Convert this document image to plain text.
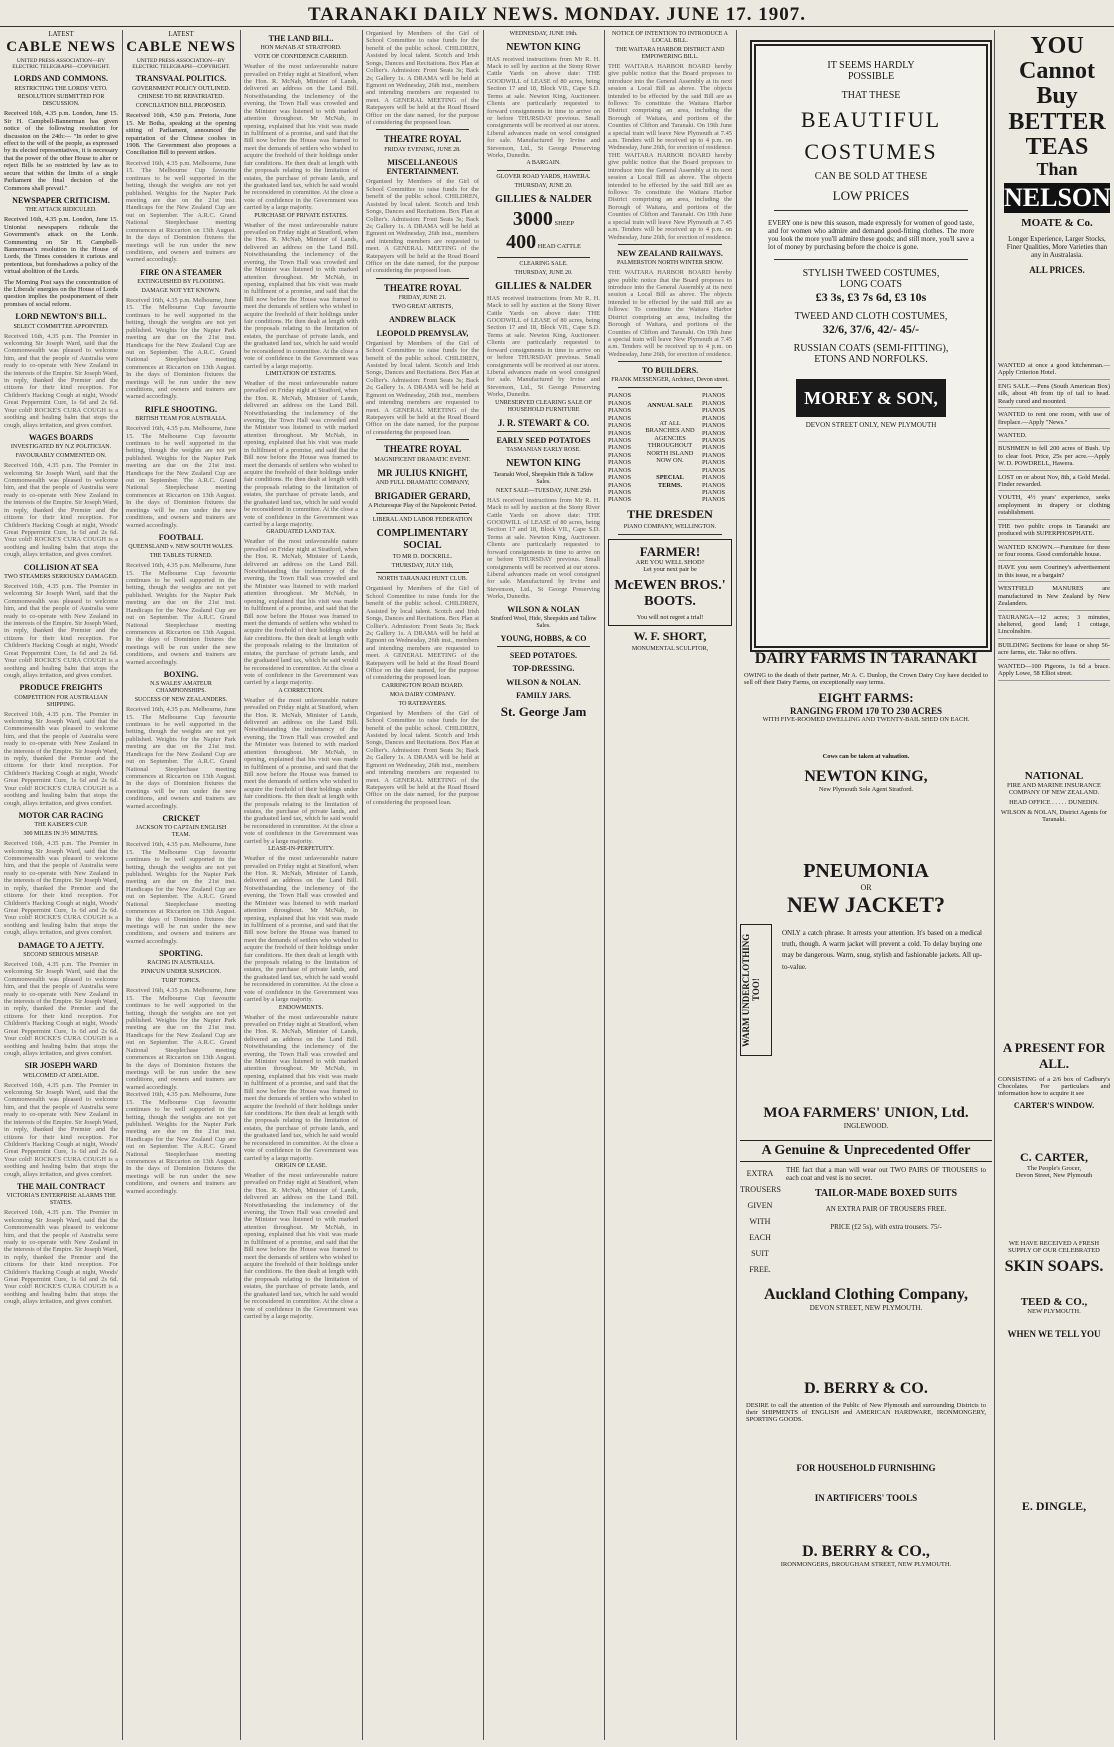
TARANAKI DAILY NEWS. MONDAY. JUNE 17. 1907.
LATEST
CABLE NEWS
UNITED PRESS ASSOCIATION—BY ELECTRIC TELEGRAPH—COPYRIGHT.
LORDS AND COMMONS.
RESTRICTING THE LORDS' VETO.
RESOLUTION SUBMITTED FOR DISCUSSION.
Received 16th, 4.35 p.m. London, June 15. Sir H. Campbell-Bannerman has given notice of the following resolution for discussion on the 24th:— "In order to give effect to the will of the people, as expressed by its elected representatives, it is necessary that the power of the other House to alter or reject Bills be so restricted by law as to secure that within the limits of a single Parliament the final decision of the Commons shall prevail."
NEWSPAPER CRITICISM.
THE ATTACK RIDICULED.
Received 16th, 4.35 p.m. London, June 15. Unionist newspapers ridicule the Government's attack on the Lords. Commenting on Sir H. Campbell-Bannerman's resolution in the House of Lords, the Times considers it curious and pretentious, but foreshadows a policy of the virtual abolition of the Lords.
The Morning Post says the concentration of the Liberals' energies on the House of Lords question implies the postponement of their promises of social reform.
LORD NEWTON'S BILL.
SELECT COMMITTEE APPOINTED.
Received 16th, 4.35 p.m. The Premier in welcoming Sir Joseph Ward, said that the Commonwealth was pleased to welcome him, and that the people of Australia were ready to co-operate with New Zealand in the interests of the Empire. Sir Joseph Ward, in reply, thanked the Premier and the citizens for their kind reception. For Children's Hacking Cough at night, Woods' Great Peppermint Cure, 1s 6d and 2s 6d. Your cold! ROCKE'S CURA COUGH is a soothing and healing balm that stops the cough, allays irritation, and gives comfort.
WAGES BOARDS
INVESTIGATED BY N.Z POLITICIAN.
FAVOURABLY COMMENTED ON.
Received 16th, 4.35 p.m. The Premier in welcoming Sir Joseph Ward, said that the Commonwealth was pleased to welcome him, and that the people of Australia were ready to co-operate with New Zealand in the interests of the Empire. Sir Joseph Ward, in reply, thanked the Premier and the citizens for their kind reception. For Children's Hacking Cough at night, Woods' Great Peppermint Cure, 1s 6d and 2s 6d. Your cold! ROCKE'S CURA COUGH is a soothing and healing balm that stops the cough, allays irritation, and gives comfort.
COLLISION AT SEA
TWO STEAMERS SERIOUSLY DAMAGED.
Received 16th, 4.35 p.m. The Premier in welcoming Sir Joseph Ward, said that the Commonwealth was pleased to welcome him, and that the people of Australia were ready to co-operate with New Zealand in the interests of the Empire. Sir Joseph Ward, in reply, thanked the Premier and the citizens for their kind reception. For Children's Hacking Cough at night, Woods' Great Peppermint Cure, 1s 6d and 2s 6d. Your cold! ROCKE'S CURA COUGH is a soothing and healing balm that stops the cough, allays irritation, and gives comfort.
PRODUCE FREIGHTS
COMPETITION FOR AUSTRALIAN SHIPPING.
Received 16th, 4.35 p.m. The Premier in welcoming Sir Joseph Ward, said that the Commonwealth was pleased to welcome him, and that the people of Australia were ready to co-operate with New Zealand in the interests of the Empire. Sir Joseph Ward, in reply, thanked the Premier and the citizens for their kind reception. For Children's Hacking Cough at night, Woods' Great Peppermint Cure, 1s 6d and 2s 6d. Your cold! ROCKE'S CURA COUGH is a soothing and healing balm that stops the cough, allays irritation, and gives comfort.
MOTOR CAR RACING
THE KAISER'S CUP.
300 MILES IN 3½ MINUTES.
Received 16th, 4.35 p.m. The Premier in welcoming Sir Joseph Ward, said that the Commonwealth was pleased to welcome him, and that the people of Australia were ready to co-operate with New Zealand in the interests of the Empire. Sir Joseph Ward, in reply, thanked the Premier and the citizens for their kind reception. For Children's Hacking Cough at night, Woods' Great Peppermint Cure, 1s 6d and 2s 6d. Your cold! ROCKE'S CURA COUGH is a soothing and healing balm that stops the cough, allays irritation, and gives comfort.
DAMAGE TO A JETTY.
SECOND SERIOUS MISHAP.
Received 16th, 4.35 p.m. The Premier in welcoming Sir Joseph Ward, said that the Commonwealth was pleased to welcome him, and that the people of Australia were ready to co-operate with New Zealand in the interests of the Empire. Sir Joseph Ward, in reply, thanked the Premier and the citizens for their kind reception. For Children's Hacking Cough at night, Woods' Great Peppermint Cure, 1s 6d and 2s 6d. Your cold! ROCKE'S CURA COUGH is a soothing and healing balm that stops the cough, allays irritation, and gives comfort.
SIR JOSEPH WARD
WELCOMED AT ADELAIDE.
Received 16th, 4.35 p.m. The Premier in welcoming Sir Joseph Ward, said that the Commonwealth was pleased to welcome him, and that the people of Australia were ready to co-operate with New Zealand in the interests of the Empire. Sir Joseph Ward, in reply, thanked the Premier and the citizens for their kind reception. For Children's Hacking Cough at night, Woods' Great Peppermint Cure, 1s 6d and 2s 6d. Your cold! ROCKE'S CURA COUGH is a soothing and healing balm that stops the cough, allays irritation, and gives comfort.
THE MAIL CONTRACT
VICTORIA'S ENTERPRISE ALARMS THE STATES.
Received 16th, 4.35 p.m. The Premier in welcoming Sir Joseph Ward, said that the Commonwealth was pleased to welcome him, and that the people of Australia were ready to co-operate with New Zealand in the interests of the Empire. Sir Joseph Ward, in reply, thanked the Premier and the citizens for their kind reception. For Children's Hacking Cough at night, Woods' Great Peppermint Cure, 1s 6d and 2s 6d. Your cold! ROCKE'S CURA COUGH is a soothing and healing balm that stops the cough, allays irritation, and gives comfort.
LATEST
CABLE NEWS
UNITED PRESS ASSOCIATION—BY ELECTRIC TELEGRAPH—COPYRIGHT.
TRANSVAAL POLITICS.
GOVERNMENT POLICY OUTLINED.
CHINESE TO BE REPATRIATED.
CONCILIATION BILL PROPOSED.
Received 16th, 4.50 p.m. Pretoria, June 15. Mr Botha, speaking at the opening sitting of Parliament, announced the repatriation of the Chinese coolies in 1908. The Government also proposes a Conciliation Bill to prevent strikes.
Received 16th, 4.35 p.m. Melbourne, June 15. The Melbourne Cup favourite continues to be well supported in the betting, though the weights are not yet published. Weights for the Napier Park meeting are due on the 21st inst. Handicaps for the New Zealand Cup are out on September. The A.R.C. Grand National Steeplechase meeting commences at Riccarton on 13th August. In the days of Dominion fixtures the meetings will be run under the new conditions, and owners and trainers are warned accordingly.
FIRE ON A STEAMER
EXTINGUISHED BY FLOODING.
DAMAGE NOT YET KNOWN.
Received 16th, 4.35 p.m. Melbourne, June 15. The Melbourne Cup favourite continues to be well supported in the betting, though the weights are not yet published. Weights for the Napier Park meeting are due on the 21st inst. Handicaps for the New Zealand Cup are out on September. The A.R.C. Grand National Steeplechase meeting commences at Riccarton on 13th August. In the days of Dominion fixtures the meetings will be run under the new conditions, and owners and trainers are warned accordingly.
RIFLE SHOOTING.
BRITISH TEAM FOR AUSTRALIA.
Received 16th, 4.35 p.m. Melbourne, June 15. The Melbourne Cup favourite continues to be well supported in the betting, though the weights are not yet published. Weights for the Napier Park meeting are due on the 21st inst. Handicaps for the New Zealand Cup are out on September. The A.R.C. Grand National Steeplechase meeting commences at Riccarton on 13th August. In the days of Dominion fixtures the meetings will be run under the new conditions, and owners and trainers are warned accordingly.
FOOTBALL
QUEENSLAND v. NEW SOUTH WALES.
THE TABLES TURNED.
Received 16th, 4.35 p.m. Melbourne, June 15. The Melbourne Cup favourite continues to be well supported in the betting, though the weights are not yet published. Weights for the Napier Park meeting are due on the 21st inst. Handicaps for the New Zealand Cup are out on September. The A.R.C. Grand National Steeplechase meeting commences at Riccarton on 13th August. In the days of Dominion fixtures the meetings will be run under the new conditions, and owners and trainers are warned accordingly.
BOXING.
N.S WALES' AMATEUR CHAMPIONSHIPS.
SUCCESS OF NEW ZEALANDERS.
Received 16th, 4.35 p.m. Melbourne, June 15. The Melbourne Cup favourite continues to be well supported in the betting, though the weights are not yet published. Weights for the Napier Park meeting are due on the 21st inst. Handicaps for the New Zealand Cup are out on September. The A.R.C. Grand National Steeplechase meeting commences at Riccarton on 13th August. In the days of Dominion fixtures the meetings will be run under the new conditions, and owners and trainers are warned accordingly.
CRICKET
JACKSON TO CAPTAIN ENGLISH TEAM.
Received 16th, 4.35 p.m. Melbourne, June 15. The Melbourne Cup favourite continues to be well supported in the betting, though the weights are not yet published. Weights for the Napier Park meeting are due on the 21st inst. Handicaps for the New Zealand Cup are out on September. The A.R.C. Grand National Steeplechase meeting commences at Riccarton on 13th August. In the days of Dominion fixtures the meetings will be run under the new conditions, and owners and trainers are warned accordingly.
SPORTING.
RACING IN AUSTRALIA.
PINK'UN UNDER SUSPICION.
TURF TOPICS.
Received 16th, 4.35 p.m. Melbourne, June 15. The Melbourne Cup favourite continues to be well supported in the betting, though the weights are not yet published. Weights for the Napier Park meeting are due on the 21st inst. Handicaps for the New Zealand Cup are out on September. The A.R.C. Grand National Steeplechase meeting commences at Riccarton on 13th August. In the days of Dominion fixtures the meetings will be run under the new conditions, and owners and trainers are warned accordingly.
Received 16th, 4.35 p.m. Melbourne, June 15. The Melbourne Cup favourite continues to be well supported in the betting, though the weights are not yet published. Weights for the Napier Park meeting are due on the 21st inst. Handicaps for the New Zealand Cup are out on September. The A.R.C. Grand National Steeplechase meeting commences at Riccarton on 13th August. In the days of Dominion fixtures the meetings will be run under the new conditions, and owners and trainers are warned accordingly.
THE LAND BILL.
HON McNAB AT STRATFORD.
VOTE OF CONFIDENCE CARRIED.
Weather of the most unfavourable nature prevailed on Friday night at Stratford, when the Hon. R. McNab, Minister of Lands, delivered an address on the Land Bill. Notwithstanding the inclemency of the evening, the Town Hall was crowded and the Minister was listened to with marked attention throughout. Mr McNab, in opening, explained that his visit was made in fulfilment of a promise, and said that the Bill now before the House was framed to meet the demands of settlers who wished to acquire the freehold of their holdings under fair conditions. He then dealt at length with the proposals relating to the limitation of estates, the purchase of private lands, and the graduated land tax, which he said would be reconsidered in committee. At the close a vote of confidence in the Government was carried by a large majority.
PURCHASE OF PRIVATE ESTATES.
Weather of the most unfavourable nature prevailed on Friday night at Stratford, when the Hon. R. McNab, Minister of Lands, delivered an address on the Land Bill. Notwithstanding the inclemency of the evening, the Town Hall was crowded and the Minister was listened to with marked attention throughout. Mr McNab, in opening, explained that his visit was made in fulfilment of a promise, and said that the Bill now before the House was framed to meet the demands of settlers who wished to acquire the freehold of their holdings under fair conditions. He then dealt at length with the proposals relating to the limitation of estates, the purchase of private lands, and the graduated land tax, which he said would be reconsidered in committee. At the close a vote of confidence in the Government was carried by a large majority.
LIMITATION OF ESTATES.
Weather of the most unfavourable nature prevailed on Friday night at Stratford, when the Hon. R. McNab, Minister of Lands, delivered an address on the Land Bill. Notwithstanding the inclemency of the evening, the Town Hall was crowded and the Minister was listened to with marked attention throughout. Mr McNab, in opening, explained that his visit was made in fulfilment of a promise, and said that the Bill now before the House was framed to meet the demands of settlers who wished to acquire the freehold of their holdings under fair conditions. He then dealt at length with the proposals relating to the limitation of estates, the purchase of private lands, and the graduated land tax, which he said would be reconsidered in committee. At the close a vote of confidence in the Government was carried by a large majority.
GRADUATED LAND TAX.
Weather of the most unfavourable nature prevailed on Friday night at Stratford, when the Hon. R. McNab, Minister of Lands, delivered an address on the Land Bill. Notwithstanding the inclemency of the evening, the Town Hall was crowded and the Minister was listened to with marked attention throughout. Mr McNab, in opening, explained that his visit was made in fulfilment of a promise, and said that the Bill now before the House was framed to meet the demands of settlers who wished to acquire the freehold of their holdings under fair conditions. He then dealt at length with the proposals relating to the limitation of estates, the purchase of private lands, and the graduated land tax, which he said would be reconsidered in committee. At the close a vote of confidence in the Government was carried by a large majority.
A CORRECTION.
Weather of the most unfavourable nature prevailed on Friday night at Stratford, when the Hon. R. McNab, Minister of Lands, delivered an address on the Land Bill. Notwithstanding the inclemency of the evening, the Town Hall was crowded and the Minister was listened to with marked attention throughout. Mr McNab, in opening, explained that his visit was made in fulfilment of a promise, and said that the Bill now before the House was framed to meet the demands of settlers who wished to acquire the freehold of their holdings under fair conditions. He then dealt at length with the proposals relating to the limitation of estates, the purchase of private lands, and the graduated land tax, which he said would be reconsidered in committee. At the close a vote of confidence in the Government was carried by a large majority.
LEASE-IN-PERPETUITY.
Weather of the most unfavourable nature prevailed on Friday night at Stratford, when the Hon. R. McNab, Minister of Lands, delivered an address on the Land Bill. Notwithstanding the inclemency of the evening, the Town Hall was crowded and the Minister was listened to with marked attention throughout. Mr McNab, in opening, explained that his visit was made in fulfilment of a promise, and said that the Bill now before the House was framed to meet the demands of settlers who wished to acquire the freehold of their holdings under fair conditions. He then dealt at length with the proposals relating to the limitation of estates, the purchase of private lands, and the graduated land tax, which he said would be reconsidered in committee. At the close a vote of confidence in the Government was carried by a large majority.
ENDOWMENTS.
Weather of the most unfavourable nature prevailed on Friday night at Stratford, when the Hon. R. McNab, Minister of Lands, delivered an address on the Land Bill. Notwithstanding the inclemency of the evening, the Town Hall was crowded and the Minister was listened to with marked attention throughout. Mr McNab, in opening, explained that his visit was made in fulfilment of a promise, and said that the Bill now before the House was framed to meet the demands of settlers who wished to acquire the freehold of their holdings under fair conditions. He then dealt at length with the proposals relating to the limitation of estates, the purchase of private lands, and the graduated land tax, which he said would be reconsidered in committee. At the close a vote of confidence in the Government was carried by a large majority.
ORIGIN OF LEASE.
Weather of the most unfavourable nature prevailed on Friday night at Stratford, when the Hon. R. McNab, Minister of Lands, delivered an address on the Land Bill. Notwithstanding the inclemency of the evening, the Town Hall was crowded and the Minister was listened to with marked attention throughout. Mr McNab, in opening, explained that his visit was made in fulfilment of a promise, and said that the Bill now before the House was framed to meet the demands of settlers who wished to acquire the freehold of their holdings under fair conditions. He then dealt at length with the proposals relating to the limitation of estates, the purchase of private lands, and the graduated land tax, which he said would be reconsidered in committee. At the close a vote of confidence in the Government was carried by a large majority.
Organised by Members of the Girl of School Committee to raise funds for the benefit of the public school. CHILDREN, Assisted by local talent. Scotch and Irish Songs, Dances and Recitations. Box Plan at Collier's. Admission: Front Seats 3s; Back 2s; Gallery 1s. A DRAMA will be held at Egmont on Wednesday, 26th inst., members and intending members are requested to meet. A GENERAL MEETING of the Ratepayers will be held at the Road Board Office on the date named, for the purpose of considering the proposed loan.
THEATRE ROYAL
FRIDAY EVENING, JUNE 28.
MISCELLANEOUS ENTERTAINMENT.
Organised by Members of the Girl of School Committee to raise funds for the benefit of the public school. CHILDREN, Assisted by local talent. Scotch and Irish Songs, Dances and Recitations. Box Plan at Collier's. Admission: Front Seats 3s; Back 2s; Gallery 1s. A DRAMA will be held at Egmont on Wednesday, 26th inst., members and intending members are requested to meet. A GENERAL MEETING of the Ratepayers will be held at the Road Board Office on the date named, for the purpose of considering the proposed loan.
THEATRE ROYAL
FRIDAY, JUNE 21.
TWO GREAT ARTISTS,
ANDREW BLACK
LEOPOLD PREMYSLAV,
Organised by Members of the Girl of School Committee to raise funds for the benefit of the public school. CHILDREN, Assisted by local talent. Scotch and Irish Songs, Dances and Recitations. Box Plan at Collier's. Admission: Front Seats 3s; Back 2s; Gallery 1s. A DRAMA will be held at Egmont on Wednesday, 26th inst., members and intending members are requested to meet. A GENERAL MEETING of the Ratepayers will be held at the Road Board Office on the date named, for the purpose of considering the proposed loan.
THEATRE ROYAL
MAGNIFICENT DRAMATIC EVENT.
MR JULIUS KNIGHT,
AND FULL DRAMATIC COMPANY,
BRIGADIER GERARD,
A Picturesque Play of the Napoleonic Period.
LIBERAL AND LABOR FEDERATION
COMPLIMENTARY SOCIAL
TO MR D. DOCKRILL.
THURSDAY, JULY 11th,
NORTH TARANAKI HUNT CLUB.
Organised by Members of the Girl of School Committee to raise funds for the benefit of the public school. CHILDREN, Assisted by local talent. Scotch and Irish Songs, Dances and Recitations. Box Plan at Collier's. Admission: Front Seats 3s; Back 2s; Gallery 1s. A DRAMA will be held at Egmont on Wednesday, 26th inst., members and intending members are requested to meet. A GENERAL MEETING of the Ratepayers will be held at the Road Board Office on the date named, for the purpose of considering the proposed loan.
CARRINGTON ROAD BOARD.
MOA DAIRY COMPANY.
TO RATEPAYERS.
Organised by Members of the Girl of School Committee to raise funds for the benefit of the public school. CHILDREN, Assisted by local talent. Scotch and Irish Songs, Dances and Recitations. Box Plan at Collier's. Admission: Front Seats 3s; Back 2s; Gallery 1s. A DRAMA will be held at Egmont on Wednesday, 26th inst., members and intending members are requested to meet. A GENERAL MEETING of the Ratepayers will be held at the Road Board Office on the date named, for the purpose of considering the proposed loan.
WEDNESDAY, JUNE 19th.
NEWTON KING
HAS received instructions from Mr R. H. Mack to sell by auction at the Stony River Cattle Yards on above date: THE GOODWILL of LEASE of 80 acres, being Section 17 and 18, Block VII., Cape S.D. Terms at sale. Newton King, Auctioneer. Clients are particularly requested to forward consignments in time to arrive on or before THURSDAY previous. Small consignments will be received at our stores. Liberal advances made on wool consigned for sale. Manufactured by Irvine and Stevenson, Ltd., St George Preserving Works, Dunedin.
A BARGAIN.
GLOVER ROAD YARDS, HAWERA.
THURSDAY, JUNE 20.
GILLIES & NALDER
3000 SHEEP
400 HEAD CATTLE
CLEARING SALE.
THURSDAY, JUNE 20.
GILLIES & NALDER
HAS received instructions from Mr R. H. Mack to sell by auction at the Stony River Cattle Yards on above date: THE GOODWILL of LEASE of 80 acres, being Section 17 and 18, Block VII., Cape S.D. Terms at sale. Newton King, Auctioneer. Clients are particularly requested to forward consignments in time to arrive on or before THURSDAY previous. Small consignments will be received at our stores. Liberal advances made on wool consigned for sale. Manufactured by Irvine and Stevenson, Ltd., St George Preserving Works, Dunedin.
UNRESERVED CLEARING SALE OF HOUSEHOLD FURNITURE
J. R. STEWART & CO.
EARLY SEED POTATOES
TASMANIAN EARLY ROSE.
NEWTON KING
Taranaki Wool, Sheepskin Hide & Tallow Sales.
NEXT SALE—TUESDAY, JUNE 25th
HAS received instructions from Mr R. H. Mack to sell by auction at the Stony River Cattle Yards on above date: THE GOODWILL of LEASE of 80 acres, being Section 17 and 18, Block VII., Cape S.D. Terms at sale. Newton King, Auctioneer. Clients are particularly requested to forward consignments in time to arrive on or before THURSDAY previous. Small consignments will be received at our stores. Liberal advances made on wool consigned for sale. Manufactured by Irvine and Stevenson, Ltd., St George Preserving Works, Dunedin.
WILSON & NOLAN
Stratford Wool, Hide, Sheepskin and Tallow Sales.
YOUNG, HOBBS, & CO
SEED POTATOES.
TOP-DRESSING.
WILSON & NOLAN.
FAMILY JARS.
St. George Jam
NOTICE OF INTENTION TO INTRODUCE A LOCAL BILL.
THE WAITARA HARBOR DISTRICT AND EMPOWERING BILL.
THE WAITARA HARBOR BOARD hereby give public notice that the Board proposes to introduce into the General Assembly at its next session a Local Bill as above. The objects intended to be effected by the said Bill are as follows: To constitute the Waitara Harbor District comprising an area, including the Borough of Waitara, and portions of the Counties of Clifton and Taranaki. On 19th June a special train will leave New Plymouth at 7.45 a.m. Tenders will be received up to 4 p.m. on Wednesday, June 26th, for erection of residence.
THE WAITARA HARBOR BOARD hereby give public notice that the Board proposes to introduce into the General Assembly at its next session a Local Bill as above. The objects intended to be effected by the said Bill are as follows: To constitute the Waitara Harbor District comprising an area, including the Borough of Waitara, and portions of the Counties of Clifton and Taranaki. On 19th June a special train will leave New Plymouth at 7.45 a.m. Tenders will be received up to 4 p.m. on Wednesday, June 26th, for erection of residence.
NEW ZEALAND RAILWAYS.
PALMERSTON NORTH WINTER SHOW.
THE WAITARA HARBOR BOARD hereby give public notice that the Board proposes to introduce into the General Assembly at its next session a Local Bill as above. The objects intended to be effected by the said Bill are as follows: To constitute the Waitara Harbor District comprising an area, including the Borough of Waitara, and portions of the Counties of Clifton and Taranaki. On 19th June a special train will leave New Plymouth at 7.45 a.m. Tenders will be received up to 4 p.m. on Wednesday, June 26th, for erection of residence.
TO BUILDERS.
FRANK MESSENGER, Architect, Devon street.
PIANOS
PIANOS
PIANOS
PIANOS
PIANOS
PIANOS
PIANOS
PIANOS
PIANOS
PIANOS
PIANOS
PIANOS
PIANOS
PIANOS
PIANOS
ANNUAL SALE
AT ALL BRANCHES AND AGENCIES THROUGHOUT NORTH ISLAND NOW ON.
SPECIAL TERMS.
PIANOS
PIANOS
PIANOS
PIANOS
PIANOS
PIANOS
PIANOS
PIANOS
PIANOS
PIANOS
PIANOS
PIANOS
PIANOS
PIANOS
PIANOS
THE DRESDEN
PIANO COMPANY, WELLINGTON.
FARMER!
ARE YOU WELL SHOD?
Let your next pair be
McEWEN BROS.' BOOTS.
You will not regret a trial!
W. F. SHORT,
MONUMENTAL SCULPTOR,
IT SEEMS HARDLY
POSSIBLE
THAT THESE
BEAUTIFUL
COSTUMES
CAN BE SOLD AT THESE
LOW PRICES
EVERY one is new this season, made expressly for women of good taste, and for women who admire and demand good-fitting clothes. The more you look the more you'll admire these goods; and still more, you'll save a lot of money by purchasing before the choice is gone.
STYLISH TWEED COSTUMES,
LONG COATS
£3 3s, £3 7s 6d, £3 10s
TWEED AND CLOTH COSTUMES,
32/6, 37/6, 42/- 45/-
RUSSIAN COATS (SEMI-FITTING),
ETONS AND NORFOLKS.
MOREY & SON,
DEVON STREET ONLY, NEW PLYMOUTH
YOU
Cannot
Buy
BETTER
TEAS
Than
NELSON
MOATE & Co.
Longer Experience, Larger Stocks, Finer Qualities, More Varieties than any in Australasia.
ALL PRICES.
WANTED at once a good kitchenman.—Apply Criterion Hotel.
ENG SALE.—Pens (South American Box) silk, about 4ft from tip of tail to head. Ready cured and mounted.
WANTED to rent one room, with use of fireplace.—Apply "News."
WANTED.
BUSHMEN to fell 200 acres of Bush. Up to clear foot. Price, 25s per acre.—Apply W. D. POWDRELL, Hawera.
LOST on or about Nov, 8th, a Gold Medal. Finder rewarded.
YOUTH, 4½ years' experience, seeks employment in drapery or clothing establishment.
THE two public crops in Taranaki are produced with SUPERPHOSPHATE.
WANTED KNOWN.—Furniture for three or four rooms. Good comfortable house.
HAVE you seen Courtney's advertisement in this issue, re a bargain?
WESTFIELD MANURES are manufactured in New Zealand by New Zealanders.
TAURANGA—12 acres; 3 minutes, sheltered, good land; 1 cottage, Lincolnshire.
BUILDING Sections for lease or shop 56-acre farms, etc. Take no offers.
WANTED—100 Pigeons, 1s 6d a brace. Apply Lowe, 58 Elliot street.
NATIONAL
FIRE AND MARINE INSURANCE COMPANY OF NEW ZEALAND.
HEAD OFFICE . . . . . DUNEDIN.
WILSON & NOLAN, District Agents for Taranaki.
DAIRY FARMS IN TARANAKI
OWING to the death of their partner, Mr A. C. Dunlop, the Crown Dairy Coy have decided to sell off their Dairy Farms, on exceptionally easy terms.
EIGHT FARMS:
RANGING FROM 170 TO 230 ACRES
WITH FIVE-ROOMED DWELLING AND TWENTY-BAIL SHED ON EACH.
Cows can be taken at valuation.
NEWTON KING,
New Plymouth Sole Agent Stratford.
PNEUMONIA
OR
NEW JACKET?
WARM UNDERCLOTHING TOO!
ONLY a catch phrase. It arrests your attention. It's based on a medical truth, though. A warm jacket will prevent a cold. To delay buying one may be dangerous. Warm, snug, stylish and fashionable jackets. All up-to-value.
A PRESENT FOR ALL.
CONSISTING of a 2/6 box of Cadbury's Chocolates. For particulars and information how to acquire it see
CARTER'S WINDOW.
C. CARTER,
The People's Grocer,
Devon Street, New Plymouth
MOA FARMERS' UNION, Ltd.
INGLEWOOD.
A Genuine & Unprecedented Offer
EXTRA TROUSERS GIVEN WITH EACH SUIT FREE.
THE fact that a man will wear out TWO PAIRS OF TROUSERS to each coat and vest is no secret.
TAILOR-MADE BOXED SUITS
AN EXTRA PAIR OF TROUSERS FREE.
PRICE (£2 5s), with extra trousers. 75/-
Auckland Clothing Company,
DEVON STREET, NEW PLYMOUTH.
D. BERRY & CO.
DESIRE to call the attention of the Public of New Plymouth and surrounding Districts to their SHIPMENTS of ENGLISH and AMERICAN HARDWARE, IRONMONGERY, SPORTING GOODS.
FOR HOUSEHOLD FURNISHING
IN ARTIFICERS' TOOLS
D. BERRY & CO.,
IRONMONGERS, BROUGHAM STREET, NEW PLYMOUTH.
WE HAVE RECEIVED A FRESH SUPPLY OF OUR CELEBRATED
SKIN SOAPS.
TEED & CO.,
NEW PLYMOUTH.
WHEN WE TELL YOU
E. DINGLE,
